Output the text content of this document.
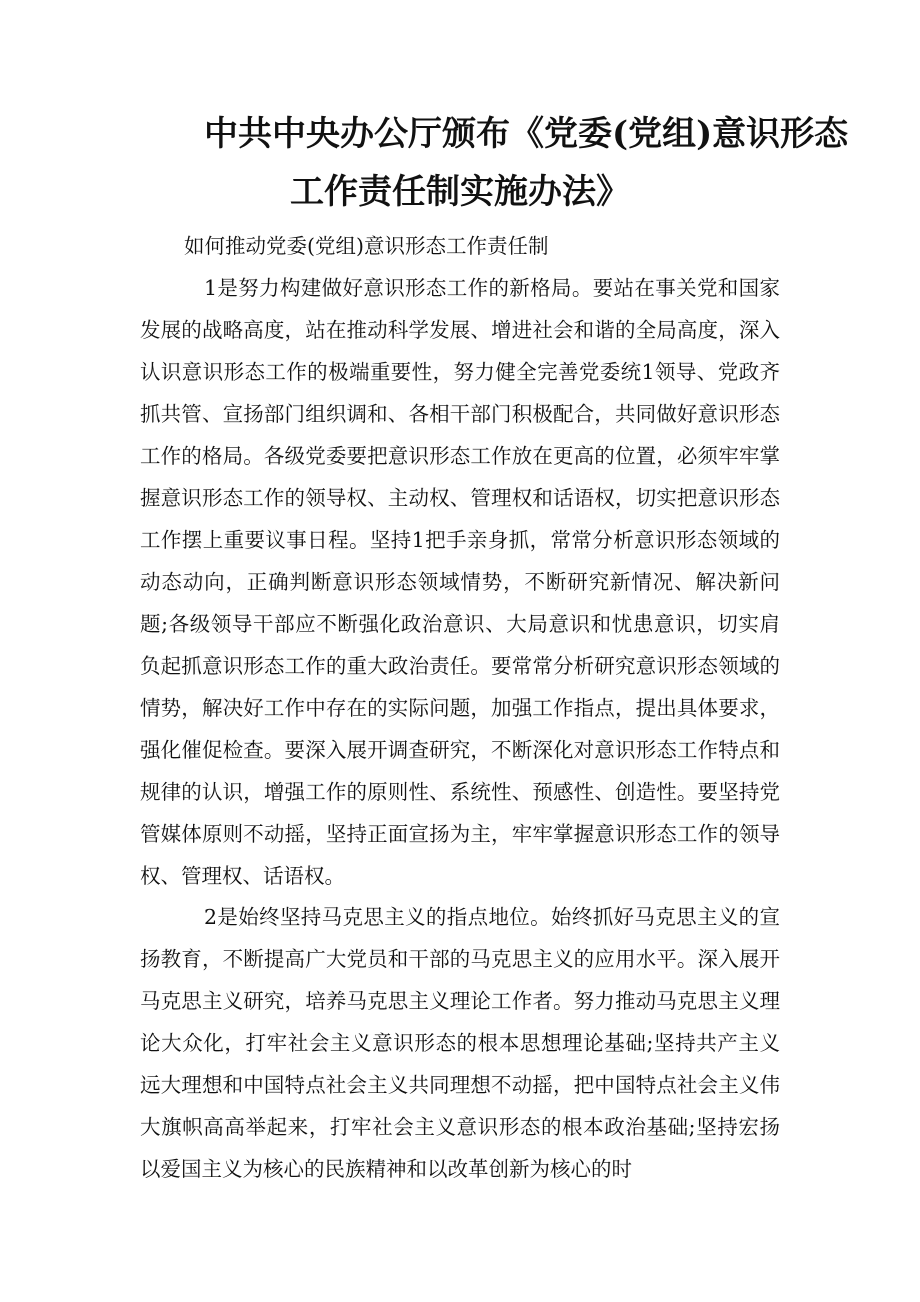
中共中央办公厅颁布《党委(党组)意识形态
工作责任制实施办法》

如何推动党委(党组)意识形态工作责任制

1是努力构建做好意识形态工作的新格局。要站在事关党和国家发展的战略高度，站在推动科学发展、增进社会和谐的全局高度，深入认识意识形态工作的极端重要性，努力健全完善党委统1领导、党政齐抓共管、宣扬部门组织调和、各相干部门积极配合，共同做好意识形态工作的格局。各级党委要把意识形态工作放在更高的位置，必须牢牢掌握意识形态工作的领导权、主动权、管理权和话语权，切实把意识形态工作摆上重要议事日程。坚持1把手亲身抓，常常分析意识形态领域的动态动向，正确判断意识形态领域情势，不断研究新情况、解决新问题;各级领导干部应不断强化政治意识、大局意识和忧患意识，切实肩负起抓意识形态工作的重大政治责任。要常常分析研究意识形态领域的情势，解决好工作中存在的实际问题，加强工作指点，提出具体要求，强化催促检查。要深入展开调查研究，不断深化对意识形态工作特点和规律的认识，增强工作的原则性、系统性、预感性、创造性。要坚持党管媒体原则不动摇，坚持正面宣扬为主，牢牢掌握意识形态工作的领导权、管理权、话语权。

2是始终坚持马克思主义的指点地位。始终抓好马克思主义的宣扬教育，不断提高广大党员和干部的马克思主义的应用水平。深入展开马克思主义研究，培养马克思主义理论工作者。努力推动马克思主义理论大众化，打牢社会主义意识形态的根本思想理论基础;坚持共产主义远大理想和中国特点社会主义共同理想不动摇，把中国特点社会主义伟大旗帜高高举起来，打牢社会主义意识形态的根本政治基础;坚持宏扬以爱国主义为核心的民族精神和以改革创新为核心的时
